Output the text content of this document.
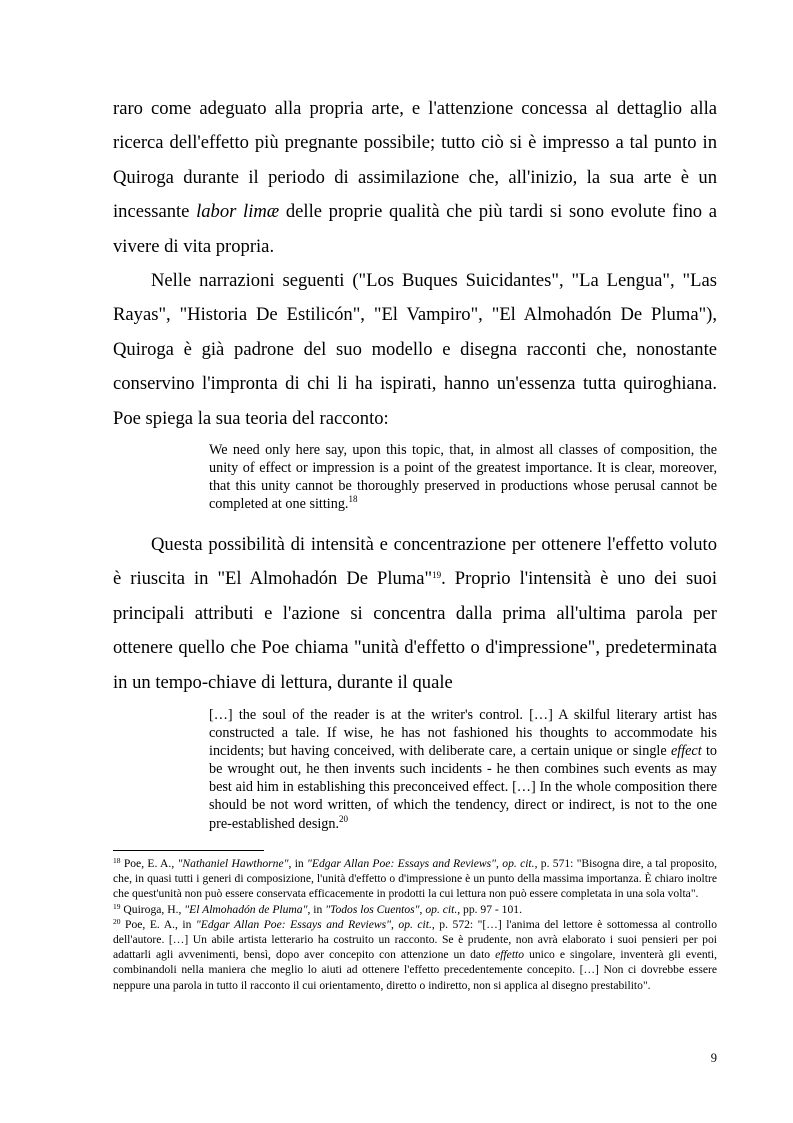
raro come adeguato alla propria arte, e l'attenzione concessa al dettaglio alla ricerca dell'effetto più pregnante possibile; tutto ciò si è impresso a tal punto in Quiroga durante il periodo di assimilazione che, all'inizio, la sua arte è un incessante labor limæ delle proprie qualità che più tardi si sono evolute fino a vivere di vita propria.

Nelle narrazioni seguenti ("Los Buques Suicidantes", "La Lengua", "Las Rayas", "Historia De Estilicón", "El Vampiro", "El Almohadón De Pluma"), Quiroga è già padrone del suo modello e disegna racconti che, nonostante conservino l'impronta di chi li ha ispirati, hanno un'essenza tutta quiroghiana. Poe spiega la sua teoria del racconto:

We need only here say, upon this topic, that, in almost all classes of composition, the unity of effect or impression is a point of the greatest importance. It is clear, moreover, that this unity cannot be thoroughly preserved in productions whose perusal cannot be completed at one sitting.$^{18}$

Questa possibilità di intensità e concentrazione per ottenere l'effetto voluto è riuscita in "El Almohadón De Pluma"$^{19}$. Proprio l'intensità è uno dei suoi principali attributi e l'azione si concentra dalla prima all'ultima parola per ottenere quello che Poe chiama "unità d'effetto o d'impressione", predeterminata in un tempo-chiave di lettura, durante il quale

[…] the soul of the reader is at the writer's control. […] A skilful literary artist has constructed a tale. If wise, he has not fashioned his thoughts to accommodate his incidents; but having conceived, with deliberate care, a certain unique or single effect to be wrought out, he then invents such incidents - he then combines such events as may best aid him in establishing this preconceived effect. […] In the whole composition there should be not word written, of which the tendency, direct or indirect, is not to the one pre-established design.$^{20}$

$^{18}$ Poe, E. A., "Nathaniel Hawthorne", in "Edgar Allan Poe: Essays and Reviews", op. cit., p. 571: "Bisogna dire, a tal proposito, che, in quasi tutti i generi di composizione, l'unità d'effetto o d'impressione è un punto della massima importanza. È chiaro inoltre che quest'unità non può essere conservata efficacemente in prodotti la cui lettura non può essere completata in una sola volta".

$^{19}$ Quiroga, H., "El Almohadón de Pluma", in "Todos los Cuentos", op. cit., pp. 97 - 101.

$^{20}$ Poe, E. A., in "Edgar Allan Poe: Essays and Reviews", op. cit., p. 572: "[…] l'anima del lettore è sottomessa al controllo dell'autore. […] Un abile artista letterario ha costruito un racconto. Se è prudente, non avrà elaborato i suoi pensieri per poi adattarli agli avvenimenti, bensì, dopo aver concepito con attenzione un dato effetto unico e singolare, inventerà gli eventi, combinandoli nella maniera che meglio lo aiuti ad ottenere l'effetto precedentemente concepito. […] Non ci dovrebbe essere neppure una parola in tutto il racconto il cui orientamento, diretto o indiretto, non si applica al disegno prestabilito".

9
